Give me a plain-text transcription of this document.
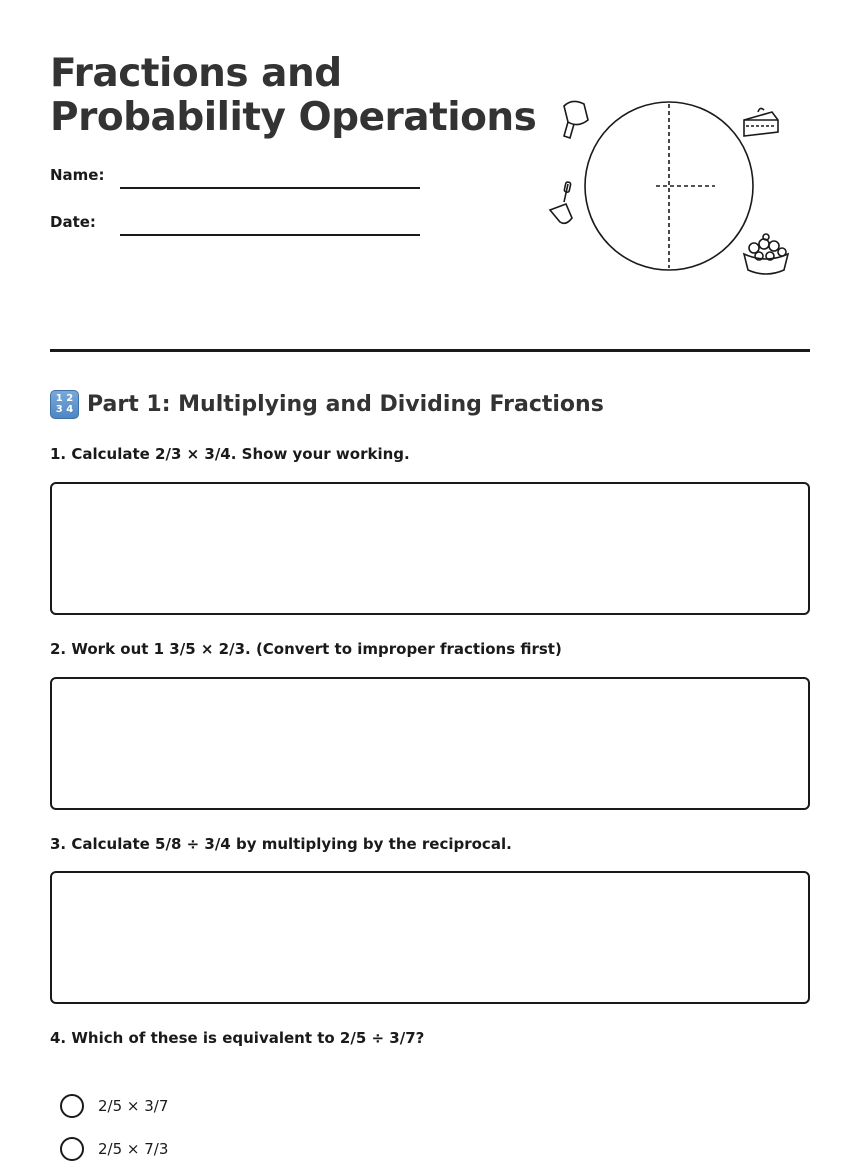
Fractions and
Probability Operations
Name:
Date:
1 2
3 4 Part 1: Multiplying and Dividing Fractions
1. Calculate 2/3 × 3/4. Show your working.
2. Work out 1 3/5 × 2/3. (Convert to improper fractions first)
3. Calculate 5/8 ÷ 3/4 by multiplying by the reciprocal.
4. Which of these is equivalent to 2/5 ÷ 3/7?
2/5 × 3/7
2/5 × 7/3
